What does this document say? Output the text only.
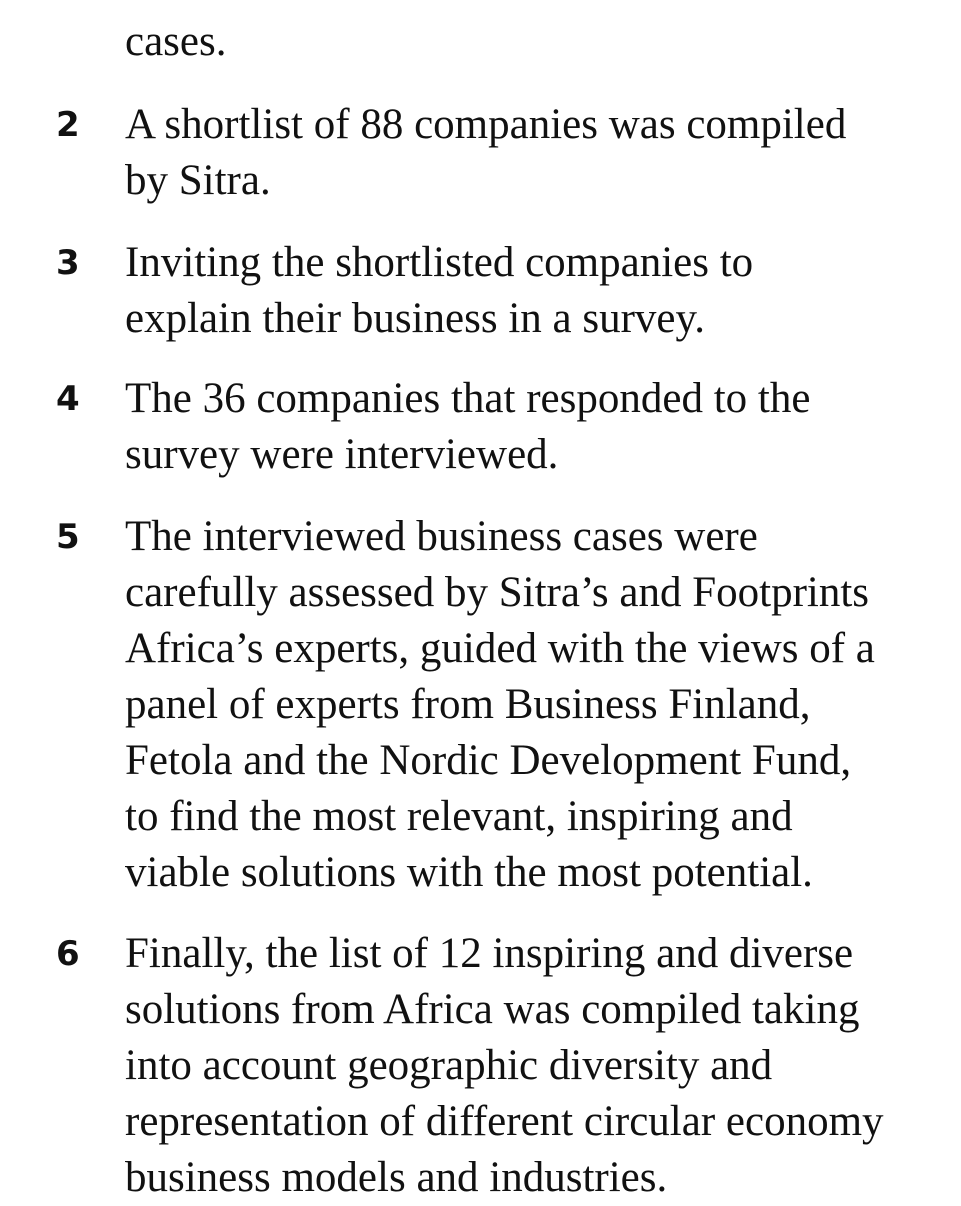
cases.
2 A shortlist of 88 companies was compiled
by Sitra.

3 Inviting the shortlisted companies to
explain their business in a survey.

4 The 36 companies that responded to the
survey were interviewed.

5 The interviewed business cases were
carefully assessed by Sitra’s and Footprints
Africa’s experts, guided with the views of a
panel of experts from Business Finland,
Fetola and the Nordic Development Fund,
to find the most relevant, inspiring and
viable solutions with the most potential.

6 Finally, the list of 12 inspiring and diverse
solutions from Africa was compiled taking
into account geographic diversity and
representation of different circular economy
business models and industries.
